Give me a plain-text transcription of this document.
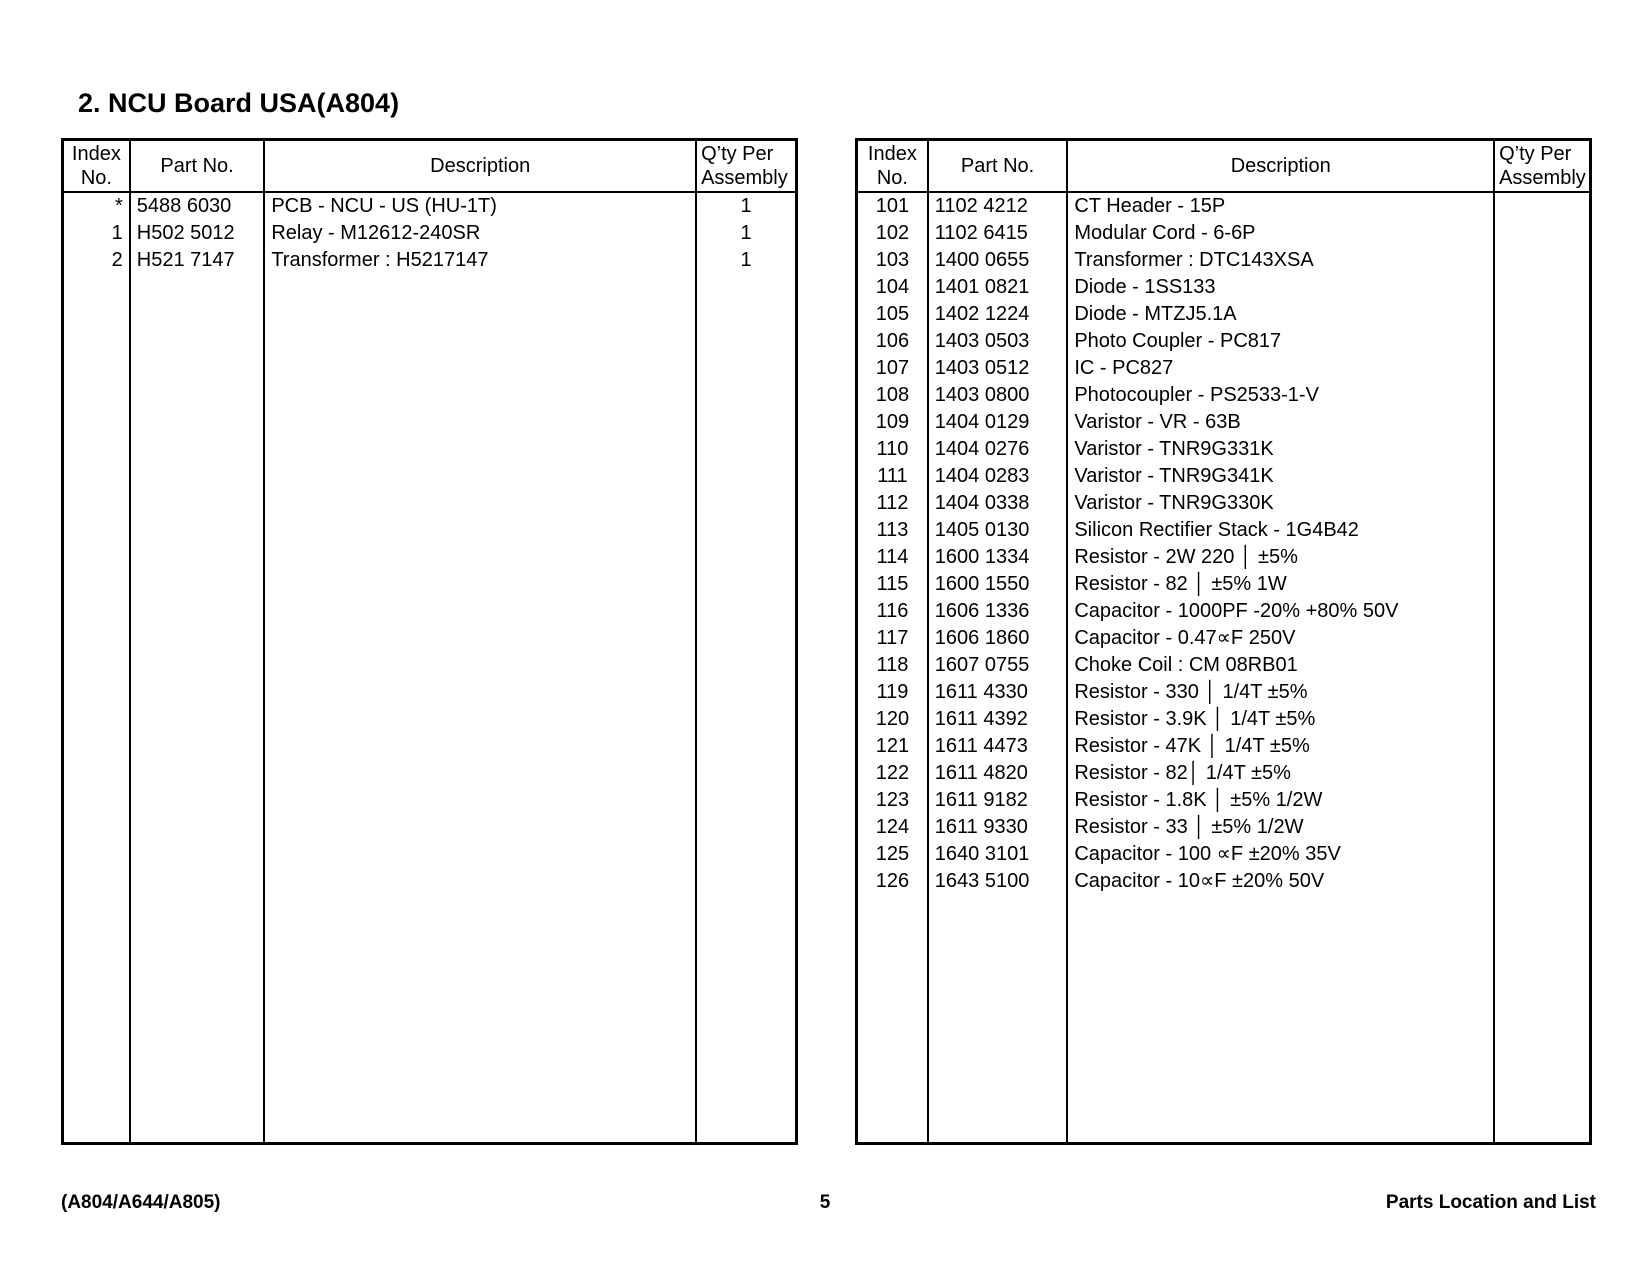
2. NCU Board USA(A804)
Index No.	Part No.	Description	Q’ty Per Assembly
*	5488 6030	PCB - NCU - US (HU-1T)	1
1	H502 5012	Relay - M12612-240SR	1
2	H521 7147	Transformer : H5217147	1

Index No.	Part No.	Description	Q’ty Per Assembly
101	1102 4212	CT Header - 15P	
102	1102 6415	Modular Cord - 6-6P	
103	1400 0655	Transformer : DTC143XSA	
104	1401 0821	Diode - 1SS133	
105	1402 1224	Diode - MTZJ5.1A	
106	1403 0503	Photo Coupler - PC817	
107	1403 0512	IC - PC827	
108	1403 0800	Photocoupler - PS2533-1-V	
109	1404 0129	Varistor - VR - 63B	
110	1404 0276	Varistor - TNR9G331K	
111	1404 0283	Varistor - TNR9G341K	
112	1404 0338	Varistor - TNR9G330K	
113	1405 0130	Silicon Rectifier Stack - 1G4B42	
114	1600 1334	Resistor - 2W 220 │ ±5%	
115	1600 1550	Resistor - 82 │ ±5% 1W	
116	1606 1336	Capacitor - 1000PF -20% +80% 50V	
117	1606 1860	Capacitor - 0.47∝F 250V	
118	1607 0755	Choke Coil : CM 08RB01	
119	1611 4330	Resistor - 330 │ 1/4T ±5%	
120	1611 4392	Resistor - 3.9K │ 1/4T ±5%	
121	1611 4473	Resistor - 47K │ 1/4T ±5%	
122	1611 4820	Resistor - 82│ 1/4T ±5%	
123	1611 9182	Resistor - 1.8K │ ±5% 1/2W	
124	1611 9330	Resistor - 33 │ ±5% 1/2W	
125	1640 3101	Capacitor - 100 ∝F ±20% 35V	
126	1643 5100	Capacitor - 10∝F ±20% 50V	

(A804/A644/A805)	5	Parts Location and List
